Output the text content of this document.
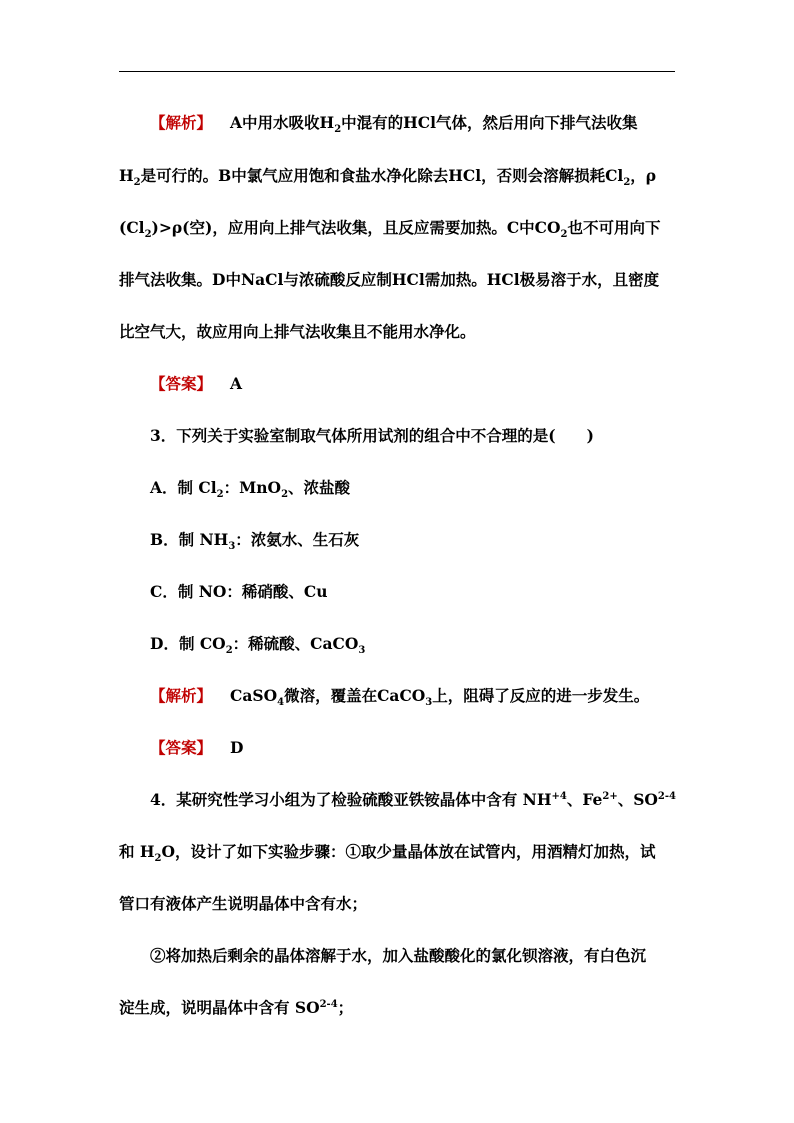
【解析】 A中用水吸收$H_2$中混有的HCl气体，然后用向下排气法收集
$H_2$是可行的。B中氯气应用饱和食盐水净化除去HCl，否则会溶解损耗$Cl_2$，ρ
$(Cl_2)>\rho$(空)，应用向上排气法收集，且反应需要加热。C中$CO_2$也不可用向下
排气法收集。D中NaCl与浓硫酸反应制HCl需加热。HCl极易溶于水，且密度
比空气大，故应用向上排气法收集且不能用水净化。
【答案】 A
3．下列关于实验室制取气体所用试剂的组合中不合理的是(　　)
A．制 $Cl_2$：MnO$_2$、浓盐酸
B．制 $NH_3$：浓氨水、生石灰
C．制 NO：稀硝酸、Cu
D．制 $CO_2$：稀硫酸、CaCO$_3$
【解析】 CaSO$_4$微溶，覆盖在CaCO$_3$上，阻碍了反应的进一步发生。
【答案】 D
4．某研究性学习小组为了检验硫酸亚铁铵晶体中含有 $NH^{+4}$、$Fe^{2+}$、SO$^{2-4}$
和 $H_2O$，设计了如下实验步骤：①取少量晶体放在试管内，用酒精灯加热，试
管口有液体产生说明晶体中含有水；
②将加热后剩余的晶体溶解于水，加入盐酸酸化的氯化钡溶液，有白色沉
淀生成，说明晶体中含有 SO$^{2-4}$；
